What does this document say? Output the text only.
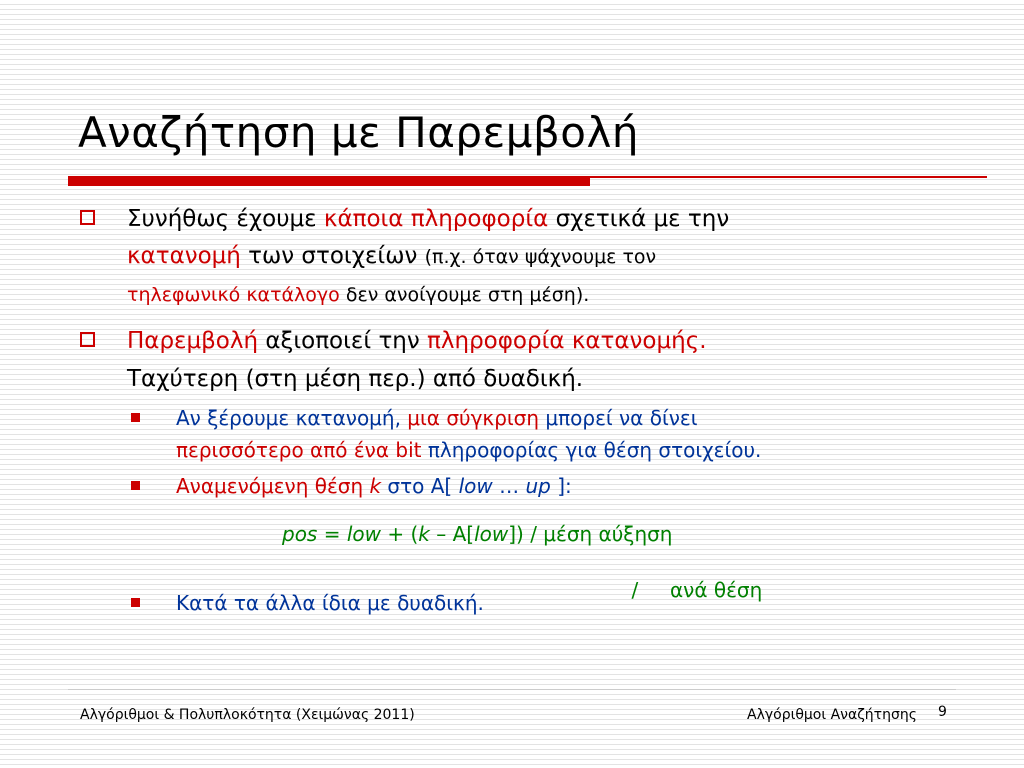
Αναζήτηση με Παρεμβολή
Συνήθως έχουμε κάποια πληροφορία σχετικά με την
κατανομή των στοιχείων (π.χ. όταν ψάχνουμε τον
τηλεφωνικό κατάλογο δεν ανοίγουμε στη μέση).
Παρεμβολή αξιοποιεί την πληροφορία κατανομής.
Ταχύτερη (στη μέση περ.) από δυαδική.
Αν ξέρουμε κατανομή, μια σύγκριση μπορεί να δίνει
περισσότερο από ένα bit πληροφορίας για θέση στοιχείου.
Αναμενόμενη θέση k στο A[ low … up ]:
pos = low + (k – A[low]) / μέση αύξηση

/     ανά θέση

Κατά τα άλλα ίδια με δυαδική.
Αλγόριθμοι & Πολυπλοκότητα (Χειμώνας 2011)	Αλγόριθμοι Αναζήτησης 9
